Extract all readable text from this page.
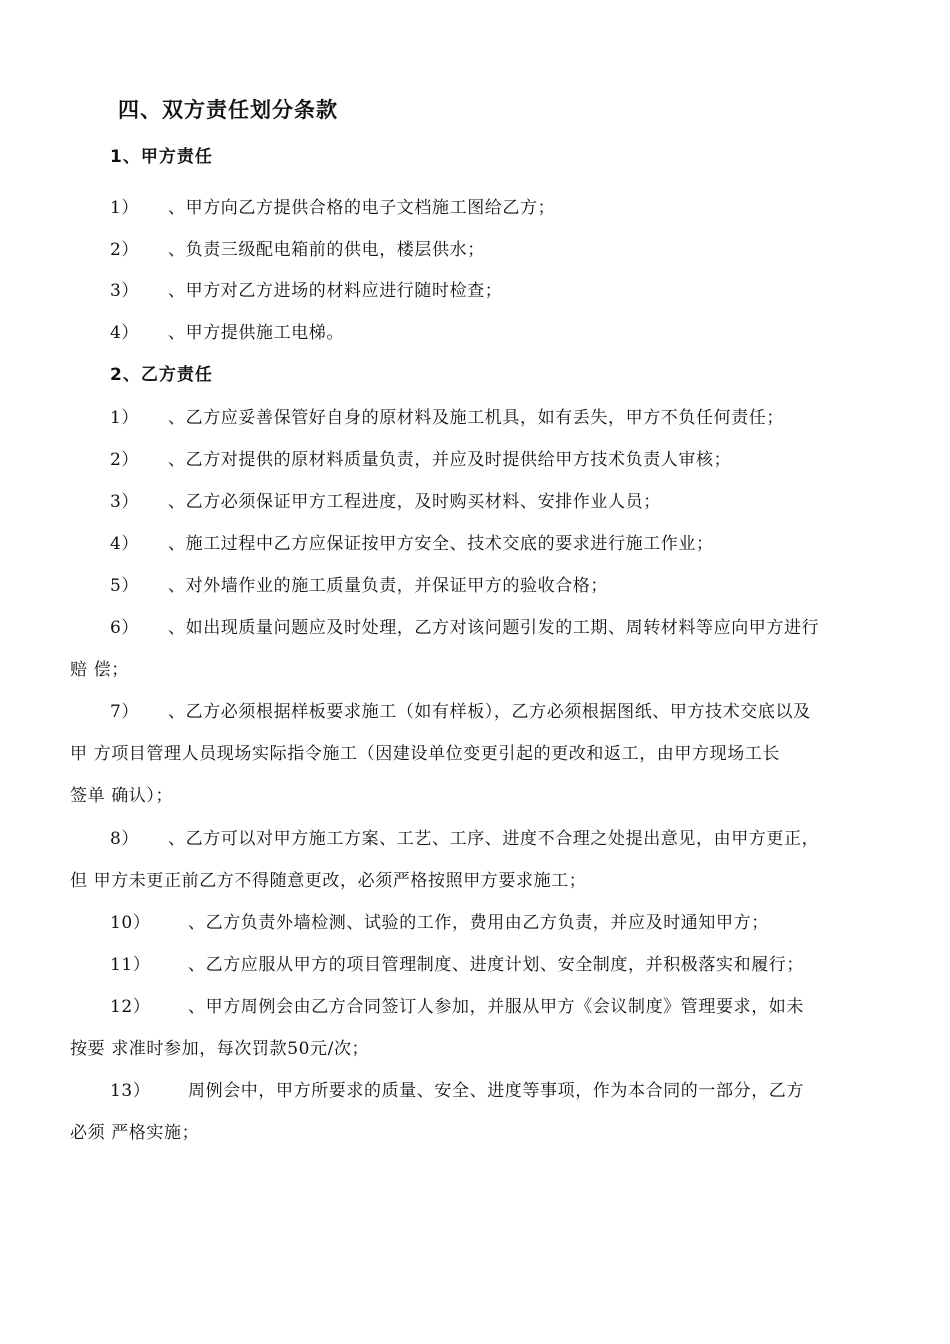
四、双方责任划分条款
1、甲方责任
1） 、甲方向乙方提供合格的电子文档施工图给乙方；
2） 、负责三级配电箱前的供电，楼层供水；
3） 、甲方对乙方进场的材料应进行随时检查；
4） 、甲方提供施工电梯。
2、乙方责任
1） 、乙方应妥善保管好自身的原材料及施工机具，如有丢失，甲方不负任何责任；
2） 、乙方对提供的原材料质量负责，并应及时提供给甲方技术负责人审核；
3） 、乙方必须保证甲方工程进度，及时购买材料、安排作业人员；
4） 、施工过程中乙方应保证按甲方安全、技术交底的要求进行施工作业；
5） 、对外墙作业的施工质量负责，并保证甲方的验收合格；
6） 、如出现质量问题应及时处理，乙方对该问题引发的工期、周转材料等应向甲方进行
赔 偿；
7） 、乙方必须根据样板要求施工（如有样板），乙方必须根据图纸、甲方技术交底以及
甲 方项目管理人员现场实际指令施工（因建设单位变更引起的更改和返工，由甲方现场工长
签单 确认）；
8） 、乙方可以对甲方施工方案、工艺、工序、进度不合理之处提出意见，由甲方更正，
但 甲方未更正前乙方不得随意更改，必须严格按照甲方要求施工；
10） 、乙方负责外墙检测、试验的工作，费用由乙方负责，并应及时通知甲方；
11） 、乙方应服从甲方的项目管理制度、进度计划、安全制度，并积极落实和履行；
12） 、甲方周例会由乙方合同签订人参加，并服从甲方《会议制度》管理要求，如未
按要 求准时参加，每次罚款50元/次；
13） 周例会中，甲方所要求的质量、安全、进度等事项，作为本合同的一部分，乙方
必须 严格实施；
